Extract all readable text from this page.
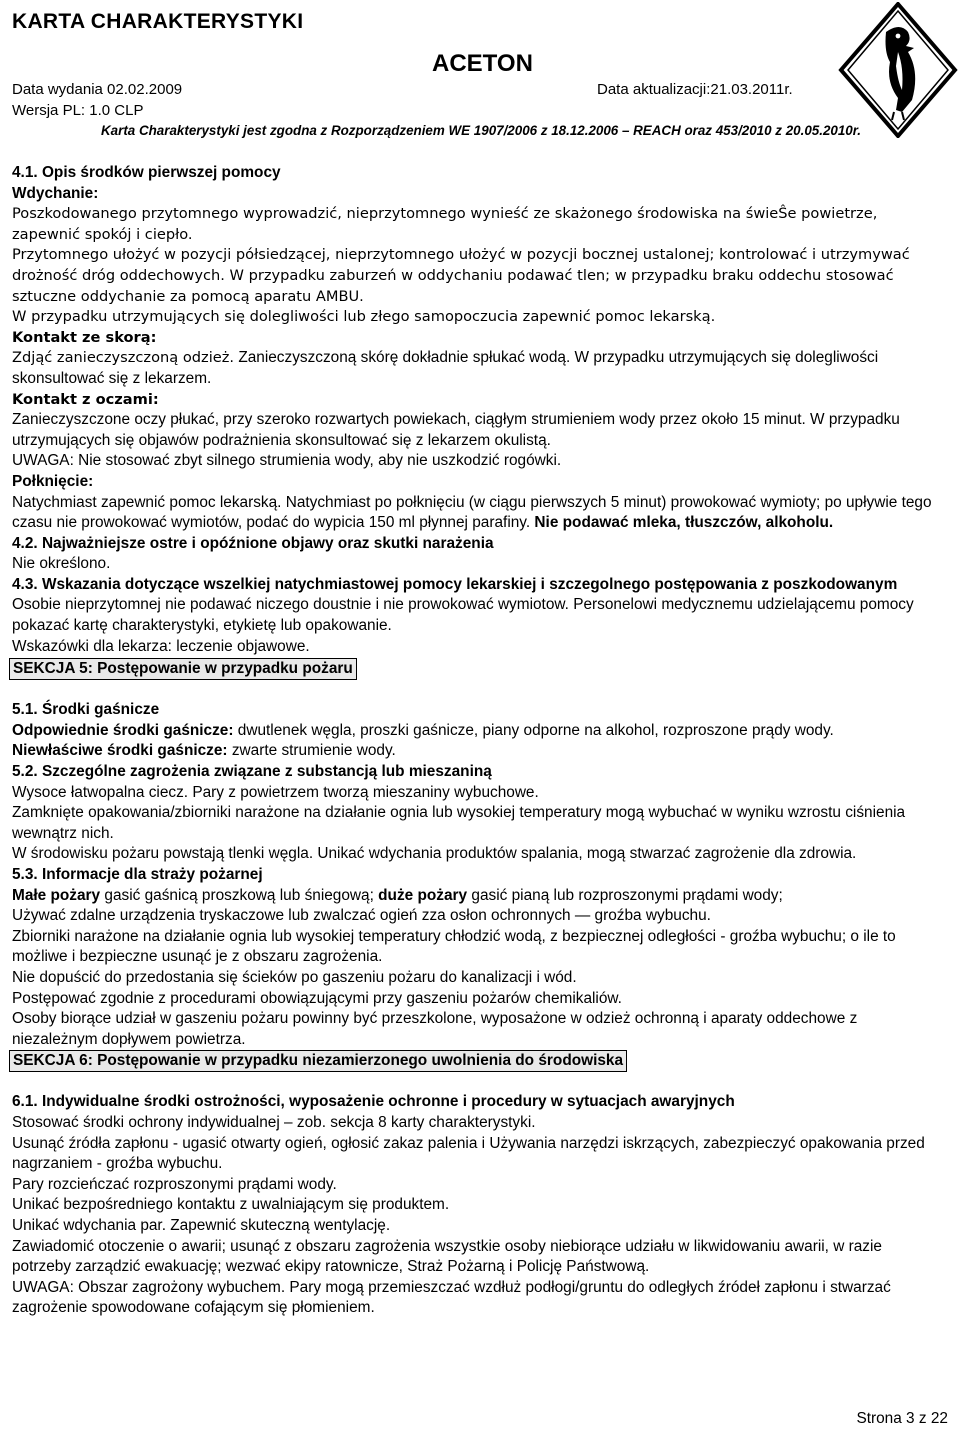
KARTA CHARAKTERYSTYKI
ACETON
Data wydania 02.02.2009	Data aktualizacji:21.03.2011r.
Wersja PL: 1.0 CLP
Karta Charakterystyki jest zgodna z Rozporządzeniem WE 1907/2006 z 18.12.2006 – REACH oraz 453/2010 z 20.05.2010r.

4.1. Opis środków pierwszej pomocy

Wdychanie:

Poszkodowanego przytomnego wyprowadzić, nieprzytomnego wynieść ze skażonego środowiska na świeŜe powietrze, zapewnić spokój i ciepło.

Przytomnego ułożyć w pozycji półsiedzącej, nieprzytomnego ułożyć w pozycji bocznej ustalonej; kontrolować i utrzymywać drożność dróg oddechowych. W przypadku zaburzeń w oddychaniu podawać tlen; w przypadku braku oddechu stosować sztuczne oddychanie za pomocą aparatu AMBU.

W przypadku utrzymujących się dolegliwości lub złego samopoczucia zapewnić pomoc lekarską.

Kontakt ze skorą:

Zdjąć zanieczyszczoną odzież. Zanieczyszczoną skórę dokładnie spłukać wodą. W przypadku utrzymujących się dolegliwości skonsultować się z lekarzem.

Kontakt z oczami:

Zanieczyszczone oczy płukać, przy szeroko rozwartych powiekach, ciągłym strumieniem wody przez około 15 minut. W przypadku utrzymujących się objawów podrażnienia skonsultować się z lekarzem okulistą.

UWAGA: Nie stosować zbyt silnego strumienia wody, aby nie uszkodzić rogówki.

Połknięcie:

Natychmiast zapewnić pomoc lekarską. Natychmiast po połknięciu (w ciągu pierwszych 5 minut) prowokować wymioty; po upływie tego czasu nie prowokować wymiotów, podać do wypicia 150 ml płynnej parafiny. Nie podawać mleka, tłuszczów, alkoholu.

4.2. Najważniejsze ostre i opóźnione objawy oraz skutki narażenia

Nie określono.

4.3. Wskazania dotyczące wszelkiej natychmiastowej pomocy lekarskiej i szczegolnego postępowania z poszkodowanym

Osobie nieprzytomnej nie podawać niczego doustnie i nie prowokować wymiotow. Personelowi medycznemu udzielającemu pomocy pokazać kartę charakterystyki, etykietę lub opakowanie.

Wskazówki dla lekarza: leczenie objawowe.

SEKCJA 5: Postępowanie w przypadku pożaru

5.1. Środki gaśnicze

Odpowiednie środki gaśnicze: dwutlenek węgla, proszki gaśnicze, piany odporne na alkohol, rozproszone prądy wody.

Niewłaściwe środki gaśnicze: zwarte strumienie wody.

5.2. Szczególne zagrożenia związane z substancją lub mieszaniną

Wysoce łatwopalna ciecz. Pary z powietrzem tworzą mieszaniny wybuchowe.

Zamknięte opakowania/zbiorniki narażone na działanie ognia lub wysokiej temperatury mogą wybuchać w wyniku wzrostu ciśnienia wewnątrz nich.

W środowisku pożaru powstają tlenki węgla. Unikać wdychania produktów spalania, mogą stwarzać zagrożenie dla zdrowia.

5.3. Informacje dla straży pożarnej

Małe pożary gasić gaśnicą proszkową lub śniegową; duże pożary gasić pianą lub rozproszonymi prądami wody;

Używać zdalne urządzenia tryskaczowe lub zwalczać ogień zza osłon ochronnych — groźba wybuchu.

Zbiorniki narażone na działanie ognia lub wysokiej temperatury chłodzić wodą, z bezpiecznej odległości - groźba wybuchu; o ile to możliwe i bezpieczne usunąć je z obszaru zagrożenia.

Nie dopuścić do przedostania się ścieków po gaszeniu pożaru do kanalizacji i wód.

Postępować zgodnie z procedurami obowiązującymi przy gaszeniu pożarów chemikaliów.

Osoby biorące udział w gaszeniu pożaru powinny być przeszkolone, wyposażone w odzież ochronną i aparaty oddechowe z niezależnym dopływem powietrza.

SEKCJA 6: Postępowanie w przypadku niezamierzonego uwolnienia do środowiska

6.1. Indywidualne środki ostrożności, wyposażenie ochronne i procedury w sytuacjach awaryjnych

Stosować środki ochrony indywidualnej – zob. sekcja 8 karty charakterystyki.

Usunąć źródła zapłonu - ugasić otwarty ogień, ogłosić zakaz palenia i Używania narzędzi iskrzących, zabezpieczyć opakowania przed nagrzaniem - groźba wybuchu.

Pary rozcieńczać rozproszonymi prądami wody.

Unikać bezpośredniego kontaktu z uwalniającym się produktem.

Unikać wdychania par. Zapewnić skuteczną wentylację.

Zawiadomić otoczenie o awarii; usunąć z obszaru zagrożenia wszystkie osoby niebiorące udziału w likwidowaniu awarii, w razie potrzeby zarządzić ewakuację; wezwać ekipy ratownicze, Straż Pożarną i Policję Państwową.

UWAGA: Obszar zagrożony wybuchem. Pary mogą przemieszczać wzdłuż podłogi/gruntu do odległych źródeł zapłonu i stwarzać zagrożenie spowodowane cofającym się płomieniem.

Strona 3 z 22
